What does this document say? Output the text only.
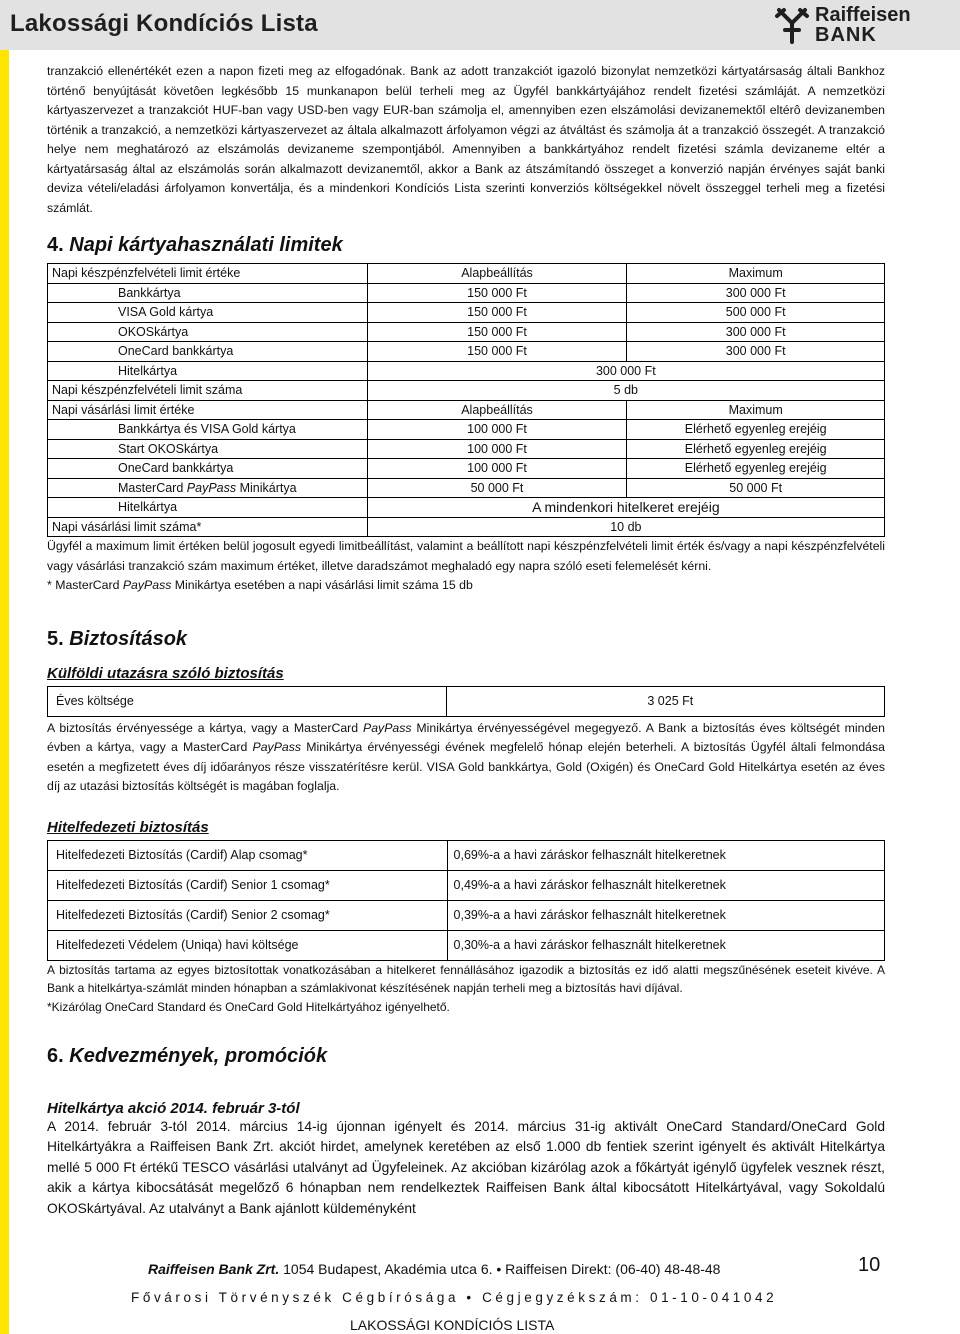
Lakossági Kondíciós Lista	Raiffeisen
BANK

tranzakció ellenértékét ezen a napon fizeti meg az elfogadónak. Bank az adott tranzakciót igazoló bizonylat nemzetközi kártyatársaság általi Bankhoz történő benyújtását követôen legkésőbb 15 munkanapon belül terheli meg az Ügyfél bankkártyájához rendelt fizetési számláját. A nemzetközi kártyaszervezet a tranzakciót HUF-ban vagy USD-ben vagy EUR-ban számolja el, amennyiben ezen elszámolási devizanemektől eltérô devizanemben történik a tranzakció, a nemzetközi kártyaszervezet az általa alkalmazott árfolyamon végzi az átváltást és számolja át a tranzakció összegét. A tranzakció helye nem meghatározó az elszámolás devizaneme szempontjából. Amennyiben a bankkártyához rendelt fizetési számla devizaneme eltér a kártyatársaság által az elszámolás során alkalmazott devizanemtől, akkor a Bank az átszámítandó összeget a konverzió napján érvényes saját banki deviza vételi/eladási árfolyamon konvertálja, és a mindenkori Kondíciós Lista szerinti konverziós költségekkel növelt összeggel terheli meg a fizetési számlát.

4. Napi kártyahasználati limitek
Napi készpénzfelvételi limit értéke	Alapbeállítás	Maximum
Bankkártya	150 000 Ft	300 000 Ft
VISA Gold kártya	150 000 Ft	500 000 Ft
OKOSkártya	150 000 Ft	300 000 Ft
OneCard bankkártya	150 000 Ft	300 000 Ft
Hitelkártya	300 000 Ft	
Napi készpénzfelvételi limit száma	5 db	
Napi vásárlási limit értéke	Alapbeállítás	Maximum
Bankkártya és VISA Gold kártya	100 000 Ft	Elérhető egyenleg erejéig
Start OKOSkártya	100 000 Ft	Elérhető egyenleg erejéig
OneCard bankkártya	100 000 Ft	Elérhető egyenleg erejéig
MasterCard PayPass Minikártya	50 000 Ft	50 000 Ft
Hitelkártya	A mindenkori hitelkeret erejéig	
Napi vásárlási limit száma*	10 db	

Ügyfél a maximum limit értéken belül jogosult egyedi limitbeállítást, valamint a beállított napi készpénzfelvételi limit érték és/vagy a napi készpénzfelvételi vagy vásárlási tranzakció szám maximum értéket, illetve daradszámot meghaladó egy napra szóló eseti felemelését kérni.

* MasterCard PayPass Minikártya esetében a napi vásárlási limit száma 15 db

5. Biztosítások
Külföldi utazásra szóló biztosítás
Éves költsége	3 025 Ft

A biztosítás érvényessége a kártya, vagy a MasterCard PayPass Minikártya érvényességével megegyező. A Bank a biztosítás éves költségét minden évben a kártya, vagy a MasterCard PayPass Minikártya érvényességi évének megfelelő hónap elején beterheli. A biztosítás Ügyfél általi felmondása esetén a megfizetett éves díj időarányos része visszatérítésre kerül. VISA Gold bankkártya, Gold (Oxigén) és OneCard Gold Hitelkártya esetén az éves díj az utazási biztosítás költségét is magában foglalja.

Hitelfedezeti biztosítás
Hitelfedezeti Biztosítás (Cardif) Alap csomag*	0,69%-a a havi záráskor felhasznált hitelkeretnek
Hitelfedezeti Biztosítás (Cardif) Senior 1 csomag*	0,49%-a a havi záráskor felhasznált hitelkeretnek
Hitelfedezeti Biztosítás (Cardif) Senior 2 csomag*	0,39%-a a havi záráskor felhasznált hitelkeretnek
Hitelfedezeti Védelem (Uniqa) havi költsége	0,30%-a a havi záráskor felhasznált hitelkeretnek

A biztosítás tartama az egyes biztosítottak vonatkozásában a hitelkeret fennállásához igazodik a biztosítás ez idő alatti megszűnésének eseteit kivéve. A Bank a hitelkártya-számlát minden hónapban a számlakivonat készítésének napján terheli meg a biztosítás havi díjával.

*Kizárólag OneCard Standard és OneCard Gold Hitelkártyához igényelhető.

6. Kedvezmények, promóciók
Hitelkártya akció 2014. február 3-tól

A 2014. február 3-tól 2014. március 14-ig újonnan igényelt és 2014. március 31-ig aktivált OneCard Standard/OneCard Gold Hitelkártyákra a Raiffeisen Bank Zrt. akciót hirdet, amelynek keretében az első 1.000 db fentiek szerint igényelt és aktivált Hitelkártya mellé 5 000 Ft értékű TESCO vásárlási utalványt ad Ügyfeleinek. Az akcióban kizárólag azok a főkártyát igénylő ügyfelek vesznek részt, akik a kártya kibocsátását megelőző 6 hónapban nem rendelkeztek Raiffeisen Bank által kibocsátott Hitelkártyával, vagy Sokoldalú OKOSkártyával. Az utalványt a Bank ajánlott küldeményként

Raiffeisen Bank Zrt. 1054 Budapest, Akadémia utca 6. • Raiffeisen Direkt: (06-40) 48-48-48	10
Fővárosi Törvényszék Cégbírósága • Cégjegyzékszám: 01-10-041042
LAKOSSÁGI KONDÍCIÓS LISTA
